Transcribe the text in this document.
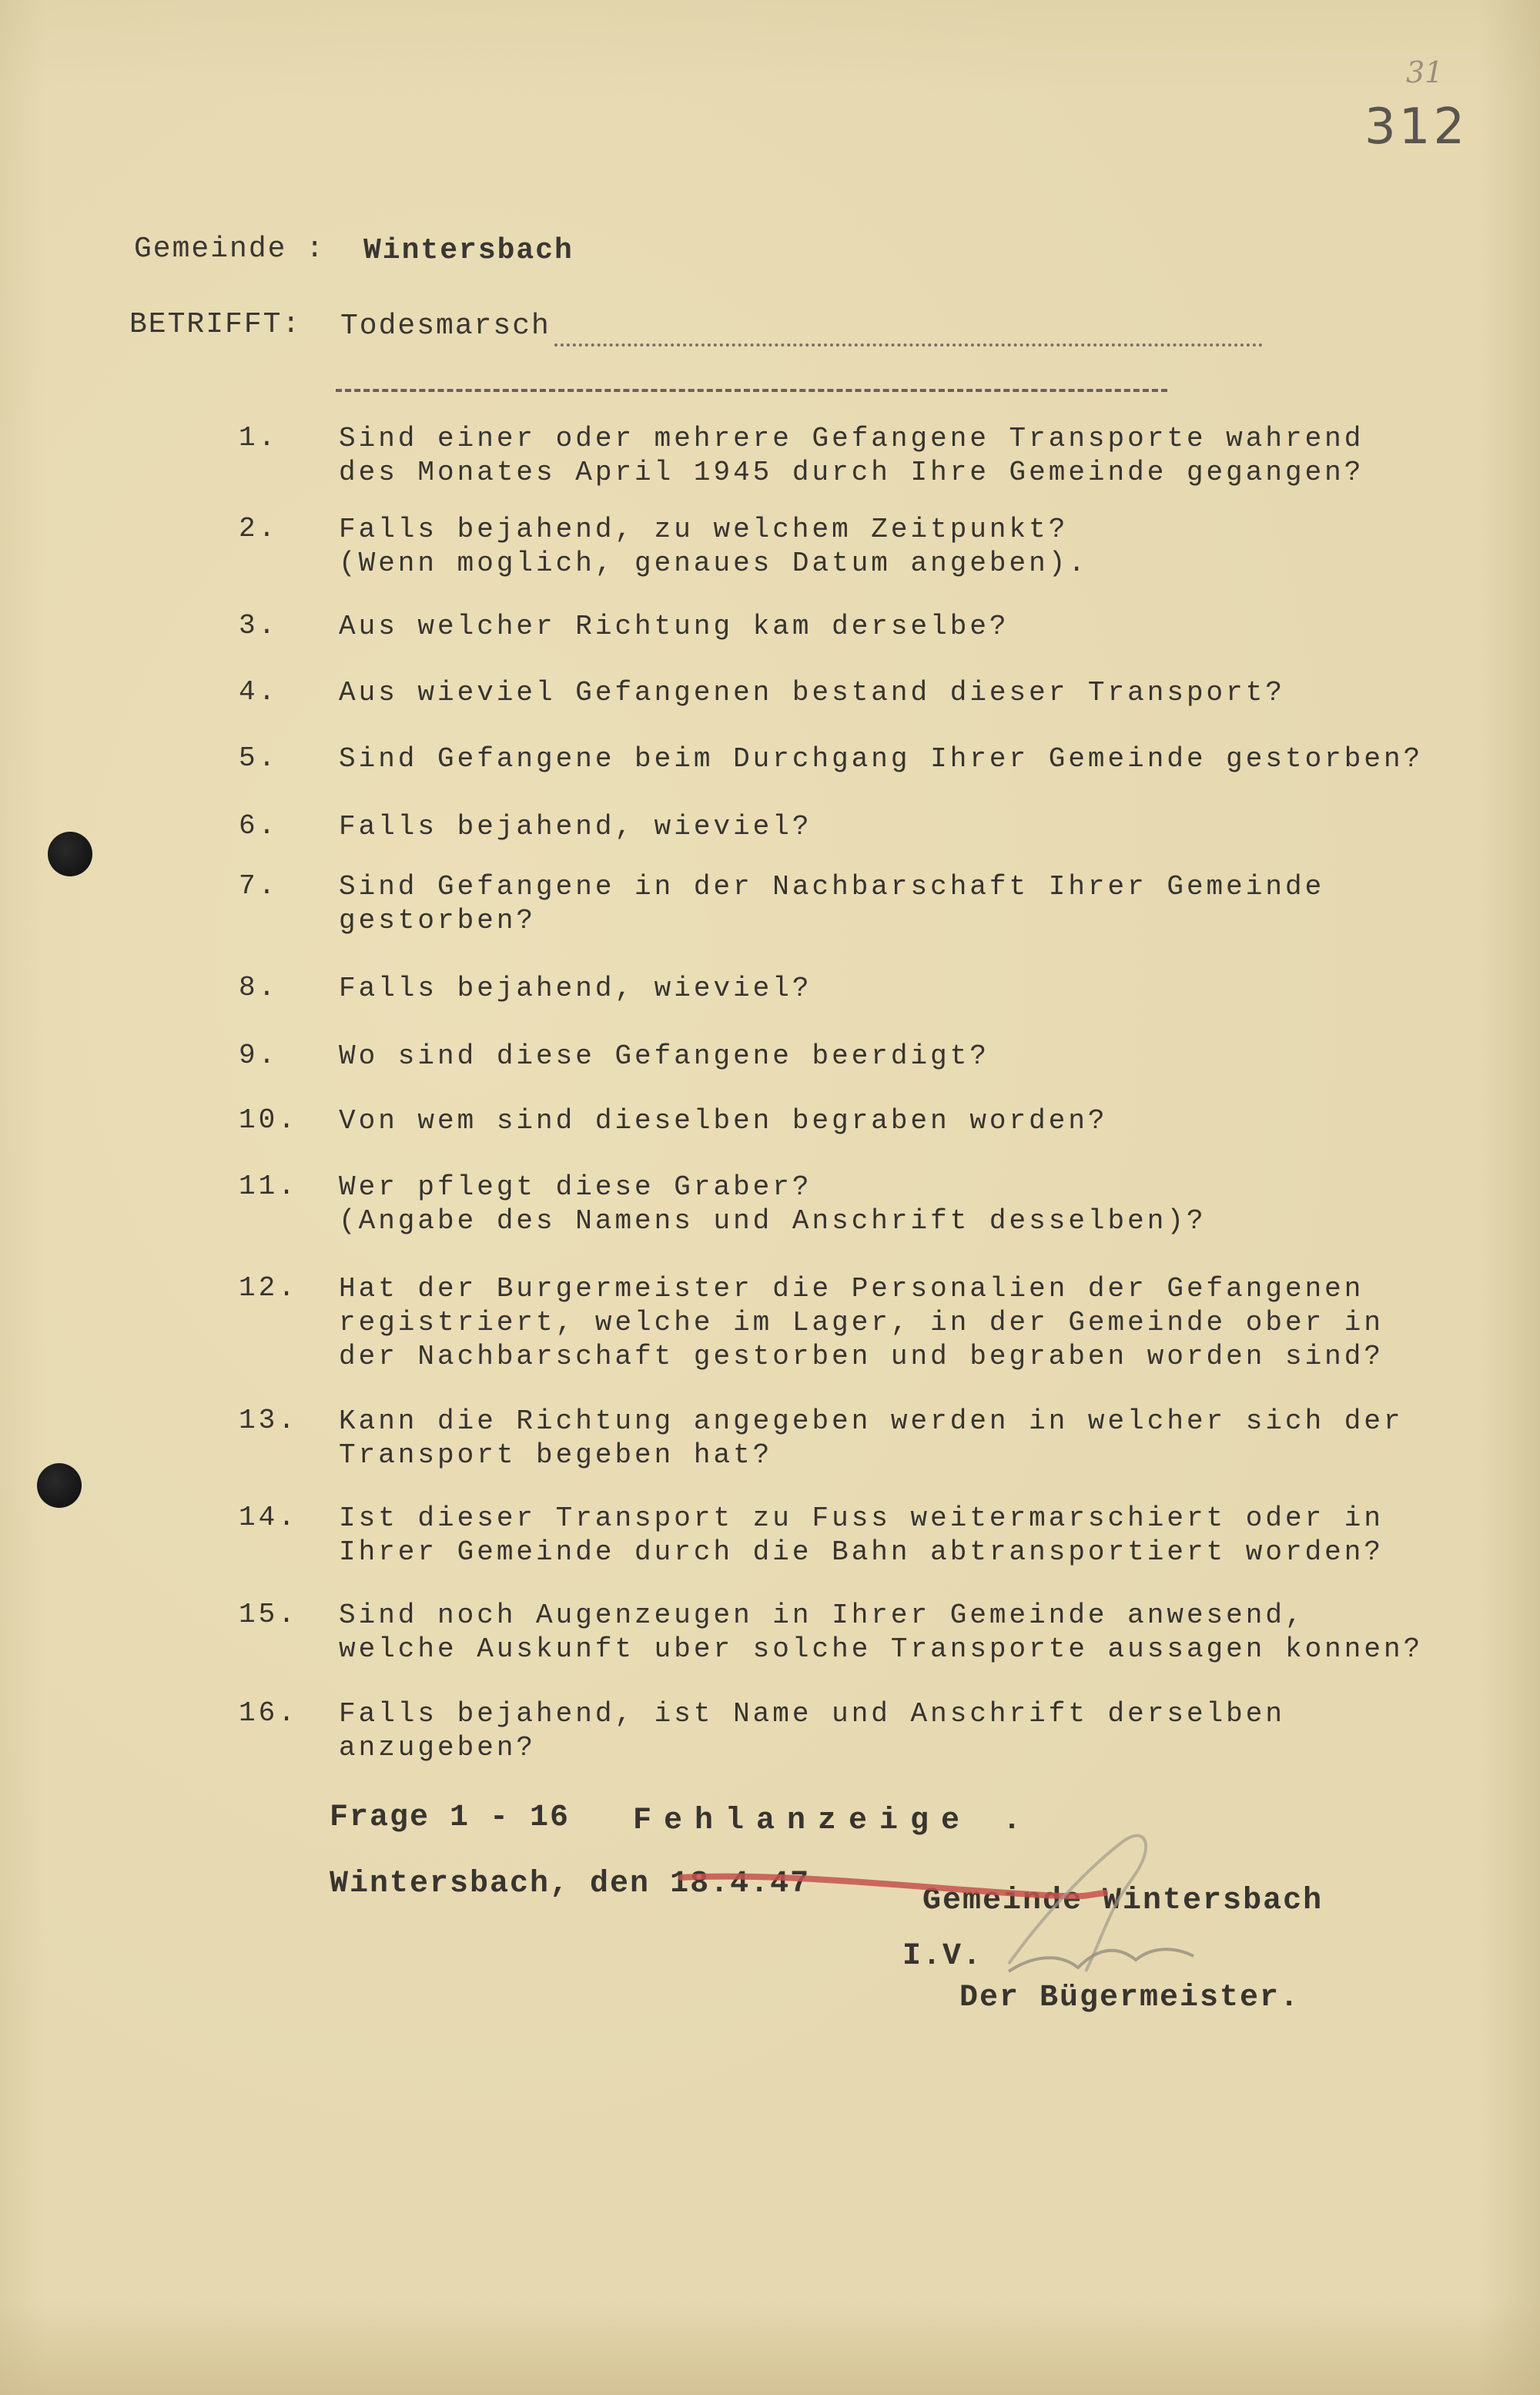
31
312
Gemeinde : Wintersbach
BETRIFFT: Todesmarsch
1. Sind einer oder mehrere Gefangene Transporte wahrend
des Monates April 1945 durch Ihre Gemeinde gegangen?
2. Falls bejahend, zu welchem Zeitpunkt?
(Wenn moglich, genaues Datum angeben).
3. Aus welcher Richtung kam derselbe?
4. Aus wieviel Gefangenen bestand dieser Transport?
5. Sind Gefangene beim Durchgang Ihrer Gemeinde gestorben?
6. Falls bejahend, wieviel?
7. Sind Gefangene in der Nachbarschaft Ihrer Gemeinde
gestorben?
8. Falls bejahend, wieviel?
9. Wo sind diese Gefangene beerdigt?
10. Von wem sind dieselben begraben worden?
11. Wer pflegt diese Graber?
(Angabe des Namens und Anschrift desselben)?
12. Hat der Burgermeister die Personalien der Gefangenen
registriert, welche im Lager, in der Gemeinde ober in
der Nachbarschaft gestorben und begraben worden sind?
13. Kann die Richtung angegeben werden in welcher sich der
Transport begeben hat?
14. Ist dieser Transport zu Fuss weitermarschiert oder in
Ihrer Gemeinde durch die Bahn abtransportiert worden?
15. Sind noch Augenzeugen in Ihrer Gemeinde anwesend,
welche Auskunft uber solche Transporte aussagen konnen?
16. Falls bejahend, ist Name und Anschrift derselben
anzugeben?
Frage 1 - 16 Fehlanzeige .
Wintersbach, den 18.4.47	Gemeinde Wintersbach
I.V.
Der Bügermeister.
